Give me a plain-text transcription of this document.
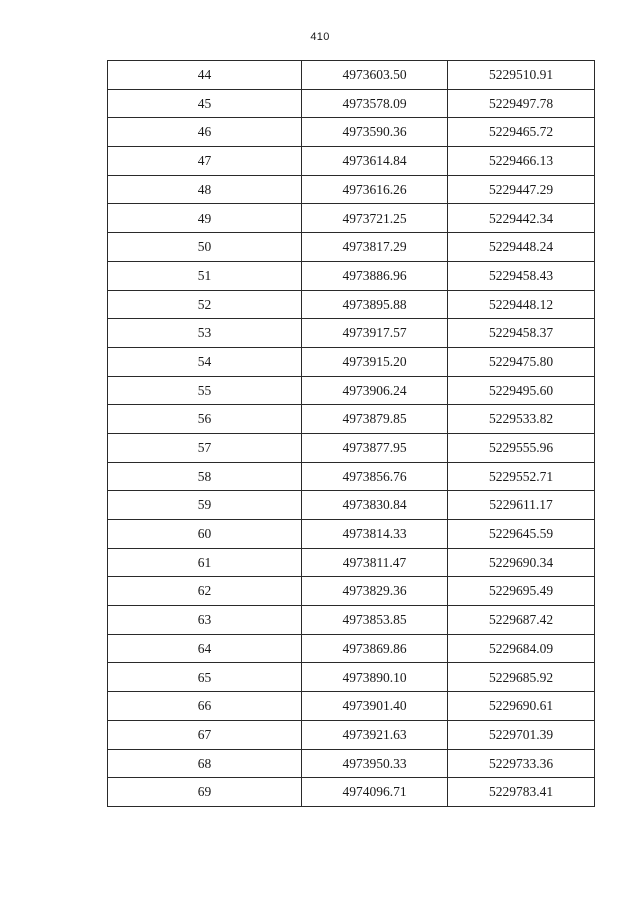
410
44	4973603.50	5229510.91
45	4973578.09	5229497.78
46	4973590.36	5229465.72
47	4973614.84	5229466.13
48	4973616.26	5229447.29
49	4973721.25	5229442.34
50	4973817.29	5229448.24
51	4973886.96	5229458.43
52	4973895.88	5229448.12
53	4973917.57	5229458.37
54	4973915.20	5229475.80
55	4973906.24	5229495.60
56	4973879.85	5229533.82
57	4973877.95	5229555.96
58	4973856.76	5229552.71
59	4973830.84	5229611.17
60	4973814.33	5229645.59
61	4973811.47	5229690.34
62	4973829.36	5229695.49
63	4973853.85	5229687.42
64	4973869.86	5229684.09
65	4973890.10	5229685.92
66	4973901.40	5229690.61
67	4973921.63	5229701.39
68	4973950.33	5229733.36
69	4974096.71	5229783.41
